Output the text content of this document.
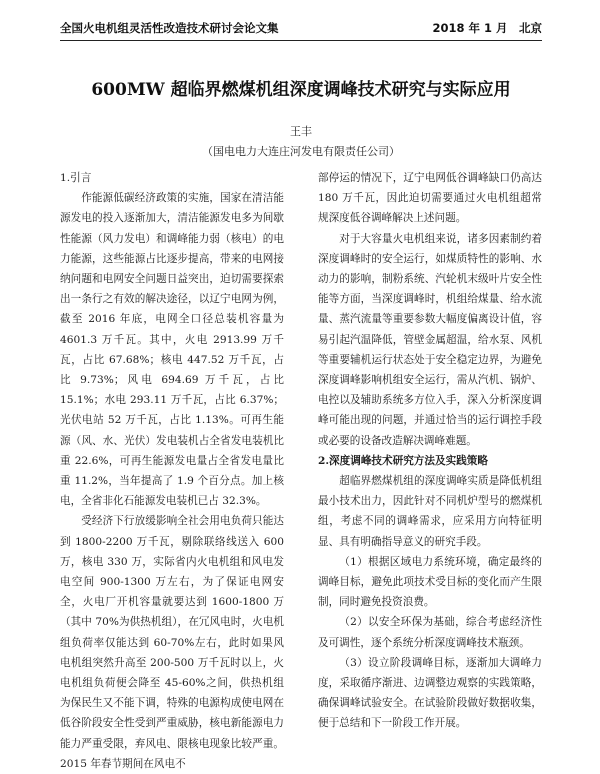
全国火电机组灵活性改造技术研讨会论文集	2018 年 1 月　北京
600MW 超临界燃煤机组深度调峰技术研究与实际应用
王丰
（国电电力大连庄河发电有限责任公司）
1.引言

作能源低碳经济政策的实施，国家在清洁能源发电的投入逐渐加大，清洁能源发电多为间歇性能源（风力发电）和调峰能力弱（核电）的电力能源，这些能源占比逐步提高，带来的电网接纳问题和电网安全问题日益突出，迫切需要探索出一条行之有效的解决途径，以辽宁电网为例，截至 2016 年底，电网全口径总装机容量为 4601.3 万千瓦。其中，火电 2913.99 万千瓦，占比 67.68%；核电 447.52 万千瓦，占比 9.73%；风电 694.69 万千瓦，占比 15.1%；水电 293.11 万千瓦，占比 6.37%；光伏电站 52 万千瓦，占比 1.13%。可再生能源（风、水、光伏）发电装机占全省发电装机比重 22.6%，可再生能源发电量占全省发电量比重 11.2%，当年提高了 1.9 个百分点。加上核电，全省非化石能源发电装机已占 32.3%。

受经济下行放缓影响全社会用电负荷只能达到 1800-2200 万千瓦，剔除联络线送入 600 万，核电 330 万，实际省内火电机组和风电发电空间 900-1300 万左右，为了保证电网安全，火电厂开机容量就要达到 1600-1800 万（其中 70%为供热机组），在冗风电时，火电机组负荷率仅能达到 60-70%左右，此时如果风电机组突然升高至 200-500 万千瓦时以上，火电机组负荷便会降至 45-60%之间，供热机组为保民生又不能下调，特殊的电源构成使电网在低谷阶段安全性受到严重威胁，核电新能源电力能力严重受限，弃风电、限核电现象比较严重。2015 年春节期间在风电不

部停运的情况下，辽宁电网低谷调峰缺口仍高达 180 万千瓦，因此迫切需要通过火电机组超常规深度低谷调峰解决上述问题。

对于大容量火电机组来说，诸多因素制约着深度调峰时的安全运行，如煤质特性的影响、水动力的影响，制粉系统、汽轮机末级叶片安全性能等方面，当深度调峰时，机组给煤量、给水流量、蒸汽流量等重要参数大幅度偏离设计值，容易引起汽温降低，管壁金属超温，给水泵、风机等重要辅机运行状态处于安全稳定边界，为避免深度调峰影响机组安全运行，需从汽机、锅炉、电控以及辅助系统多方位入手，深入分析深度调峰可能出现的问题，并通过恰当的运行调控手段或必要的设备改造解决调峰难题。

2.深度调峰技术研究方法及实践策略

超临界燃煤机组的深度调峰实质是降低机组最小技术出力，因此针对不同机炉型号的燃煤机组，考虑不同的调峰需求，应采用方向特征明显、具有明确指导意义的研究手段。

（1）根据区域电力系统环境，确定最终的调峰目标，避免此项技术受目标的变化而产生限制，同时避免投资浪费。

（2）以安全环保为基础，综合考虑经济性及可调性，逐个系统分析深度调峰技术瓶颈。

（3）设立阶段调峰目标，逐渐加大调峰力度，采取循序渐进、边调整边观察的实践策略，确保调峰试验安全。在试验阶段做好数据收集，便于总结和下一阶段工作开展。
